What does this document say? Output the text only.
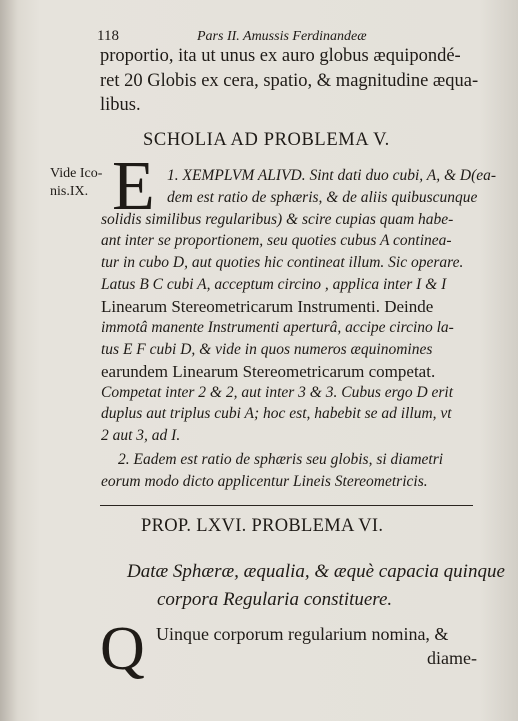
118	Pars II. Amussis Ferdinandeæ
proportio, ita ut unus ex auro globus æquipondé-
ret 20 Globis ex cera, spatio, & magnitudine æqua-
libus.
SCHOLIA AD PROBLEMA V.
Vide Ico-nis.IX. E 1. XEMPLVM ALIVD. Sint dati duo cubi, A, & D(ea-
dem est ratio de sphæris, & de aliis quibuscunque
solidis similibus regularibus) & scire cupias quam habe-
ant inter se proportionem, seu quoties cubus A continea-
tur in cubo D, aut quoties hic contineat illum. Sic operare.
Latus B C cubi A, acceptum circino , applica inter I & I
Linearum Stereometricarum Instrumenti. Deinde
immotâ manente Instrumenti aperturâ, accipe circino la-
tus E F cubi D, & vide in quos numeros æquinomines
earundem Linearum Stereometricarum competat.
Competat inter 2 & 2, aut inter 3 & 3. Cubus ergo D erit
duplus aut triplus cubi A; hoc est, habebit se ad illum, vt
2 aut 3, ad I.
2. Eadem est ratio de sphæris seu globis, si diametri
eorum modo dicto applicentur Lineis Stereometricis.
PROP. LXVI. PROBLEMA VI.
Datæ Sphæræ, æqualia, & æquè capacia quinque
corpora Regularia constituere.
Q Uinque corporum regularium nomina, &
diame-
